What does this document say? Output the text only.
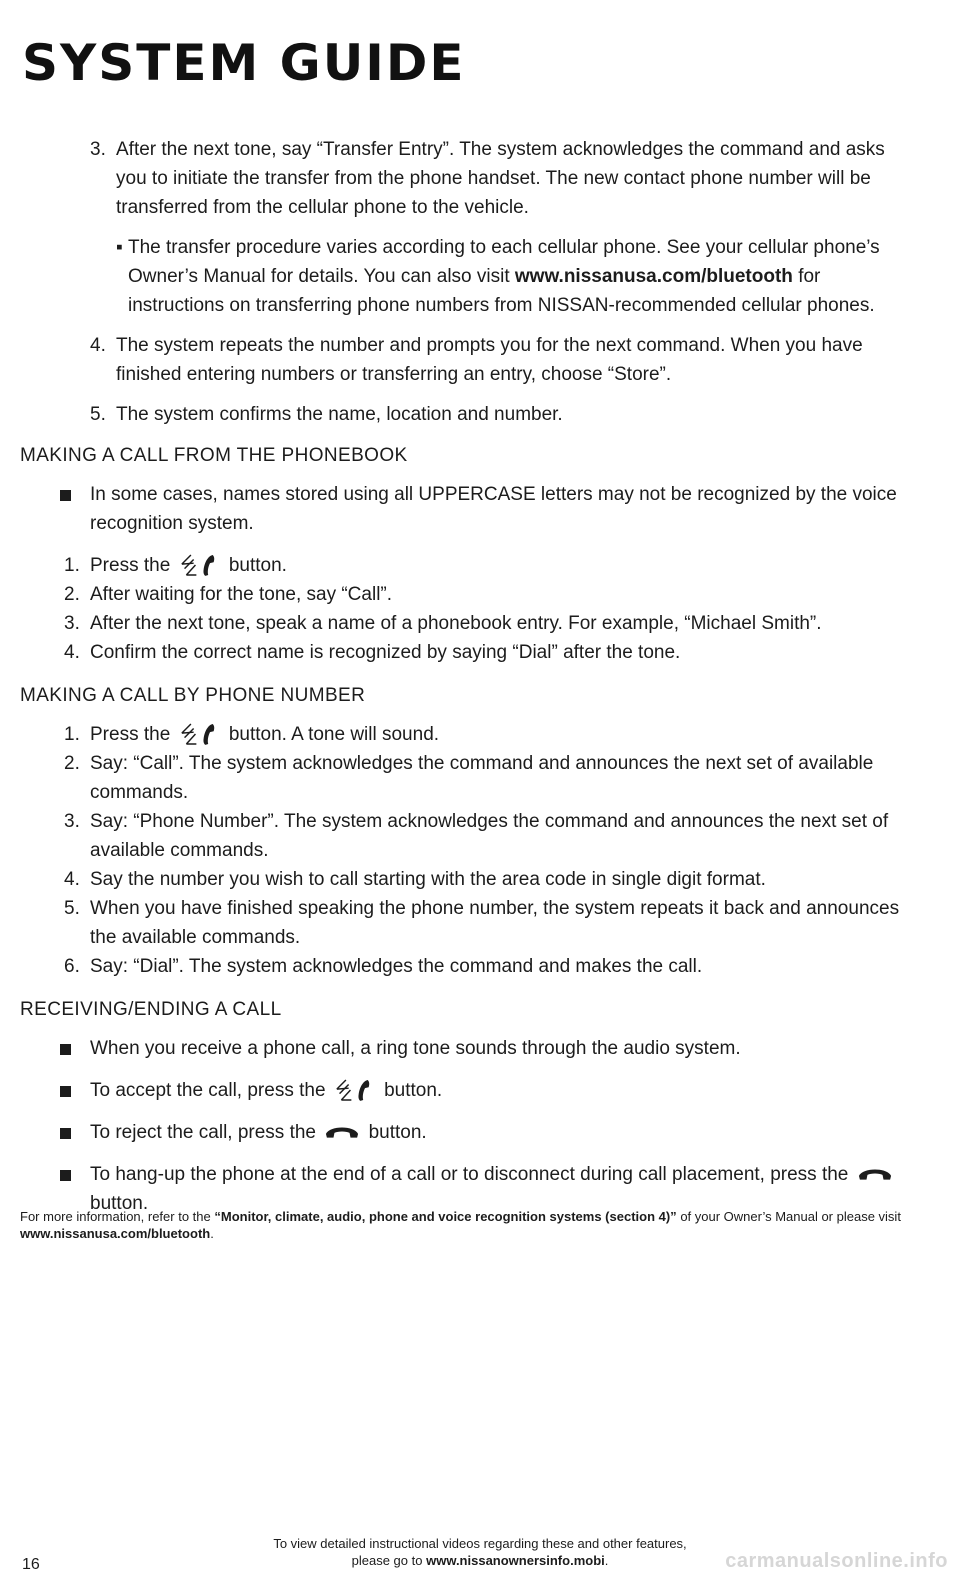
SYSTEM GUIDE
3. After the next tone, say “Transfer Entry”. The system acknowledges the command and asks you to initiate the transfer from the phone handset. The new contact phone number will be transferred from the cellular phone to the vehicle.
▪ The transfer procedure varies according to each cellular phone. See your cellular phone’s Owner’s Manual for details. You can also visit www.nissanusa.com/bluetooth for instructions on transferring phone numbers from NISSAN-recommended cellular phones.
4. The system repeats the number and prompts you for the next command. When you have finished entering numbers or transferring an entry, choose “Store”.
5. The system confirms the name, location and number.
MAKING A CALL FROM THE PHONEBOOK
In some cases, names stored using all UPPERCASE letters may not be recognized by the voice recognition system.
1. Press the	button.
2. After waiting for the tone, say “Call”.
3. After the next tone, speak a name of a phonebook entry. For example, “Michael Smith”.
4. Confirm the correct name is recognized by saying “Dial” after the tone.
MAKING A CALL BY PHONE NUMBER
1. Press the	button. A tone will sound.
2. Say: “Call”. The system acknowledges the command and announces the next set of available commands.
3. Say: “Phone Number”. The system acknowledges the command and announces the next set of available commands.
4. Say the number you wish to call starting with the area code in single digit format.
5. When you have finished speaking the phone number, the system repeats it back and announces the available commands.
6. Say: “Dial”. The system acknowledges the command and makes the call.
RECEIVING/ENDING A CALL
When you receive a phone call, a ring tone sounds through the audio system.
To accept the call, press the	button.
To reject the call, press the	button.
To hang-up the phone at the end of a call or to disconnect during call placement, press the  button.
For more information, refer to the “Monitor, climate, audio, phone and voice recognition systems (section 4)” of your Owner’s Manual or please visit www.nissanusa.com/bluetooth.
To view detailed instructional videos regarding these and other features,
please go to www.nissanownersinfo.mobi.
16	carmanualsonline.info
